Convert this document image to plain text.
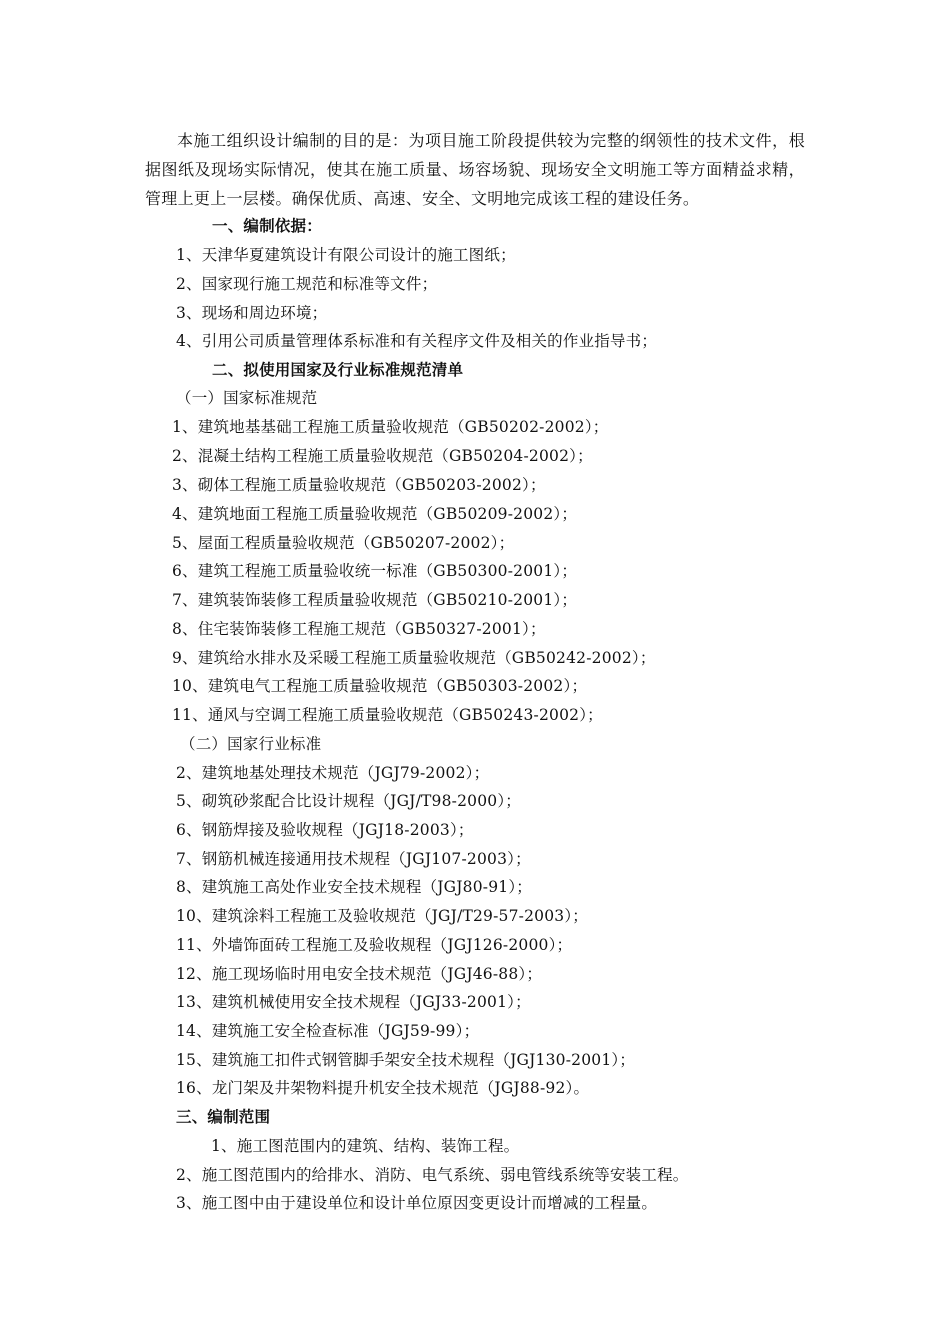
本施工组织设计编制的目的是：为项目施工阶段提供较为完整的纲领性的技术文件，根据图纸及现场实际情况，使其在施工质量、场容场貌、现场安全文明施工等方面精益求精，管理上更上一层楼。确保优质、高速、安全、文明地完成该工程的建设任务。

一、编制依据：

1、天津华夏建筑设计有限公司设计的施工图纸；

2、国家现行施工规范和标准等文件；

3、现场和周边环境；

4、引用公司质量管理体系标准和有关程序文件及相关的作业指导书；

二、拟使用国家及行业标准规范清单

（一）国家标准规范

1、建筑地基基础工程施工质量验收规范（GB50202-2002）；

2、混凝土结构工程施工质量验收规范（GB50204-2002）；

3、砌体工程施工质量验收规范（GB50203-2002）；

4、建筑地面工程施工质量验收规范（GB50209-2002）；

5、屋面工程质量验收规范（GB50207-2002）；

6、建筑工程施工质量验收统一标准（GB50300-2001）；

7、建筑装饰装修工程质量验收规范（GB50210-2001）；

8、住宅装饰装修工程施工规范（GB50327-2001）；

9、建筑给水排水及采暖工程施工质量验收规范（GB50242-2002）；

10、建筑电气工程施工质量验收规范（GB50303-2002）；

11、通风与空调工程施工质量验收规范（GB50243-2002）；

（二）国家行业标准

2、建筑地基处理技术规范（JGJ79-2002）；

5、砌筑砂浆配合比设计规程（JGJ/T98-2000）；

6、钢筋焊接及验收规程（JGJ18-2003）；

7、钢筋机械连接通用技术规程（JGJ107-2003）；

8、建筑施工高处作业安全技术规程（JGJ80-91）；

10、建筑涂料工程施工及验收规范（JGJ/T29-57-2003）；

11、外墙饰面砖工程施工及验收规程（JGJ126-2000）；

12、施工现场临时用电安全技术规范（JGJ46-88）；

13、建筑机械使用安全技术规程（JGJ33-2001）；

14、建筑施工安全检查标准（JGJ59-99）；

15、建筑施工扣件式钢管脚手架安全技术规程（JGJ130-2001）；

16、龙门架及井架物料提升机安全技术规范（JGJ88-92）。

三、编制范围

1、施工图范围内的建筑、结构、装饰工程。

2、施工图范围内的给排水、消防、电气系统、弱电管线系统等安装工程。

3、施工图中由于建设单位和设计单位原因变更设计而增减的工程量。
